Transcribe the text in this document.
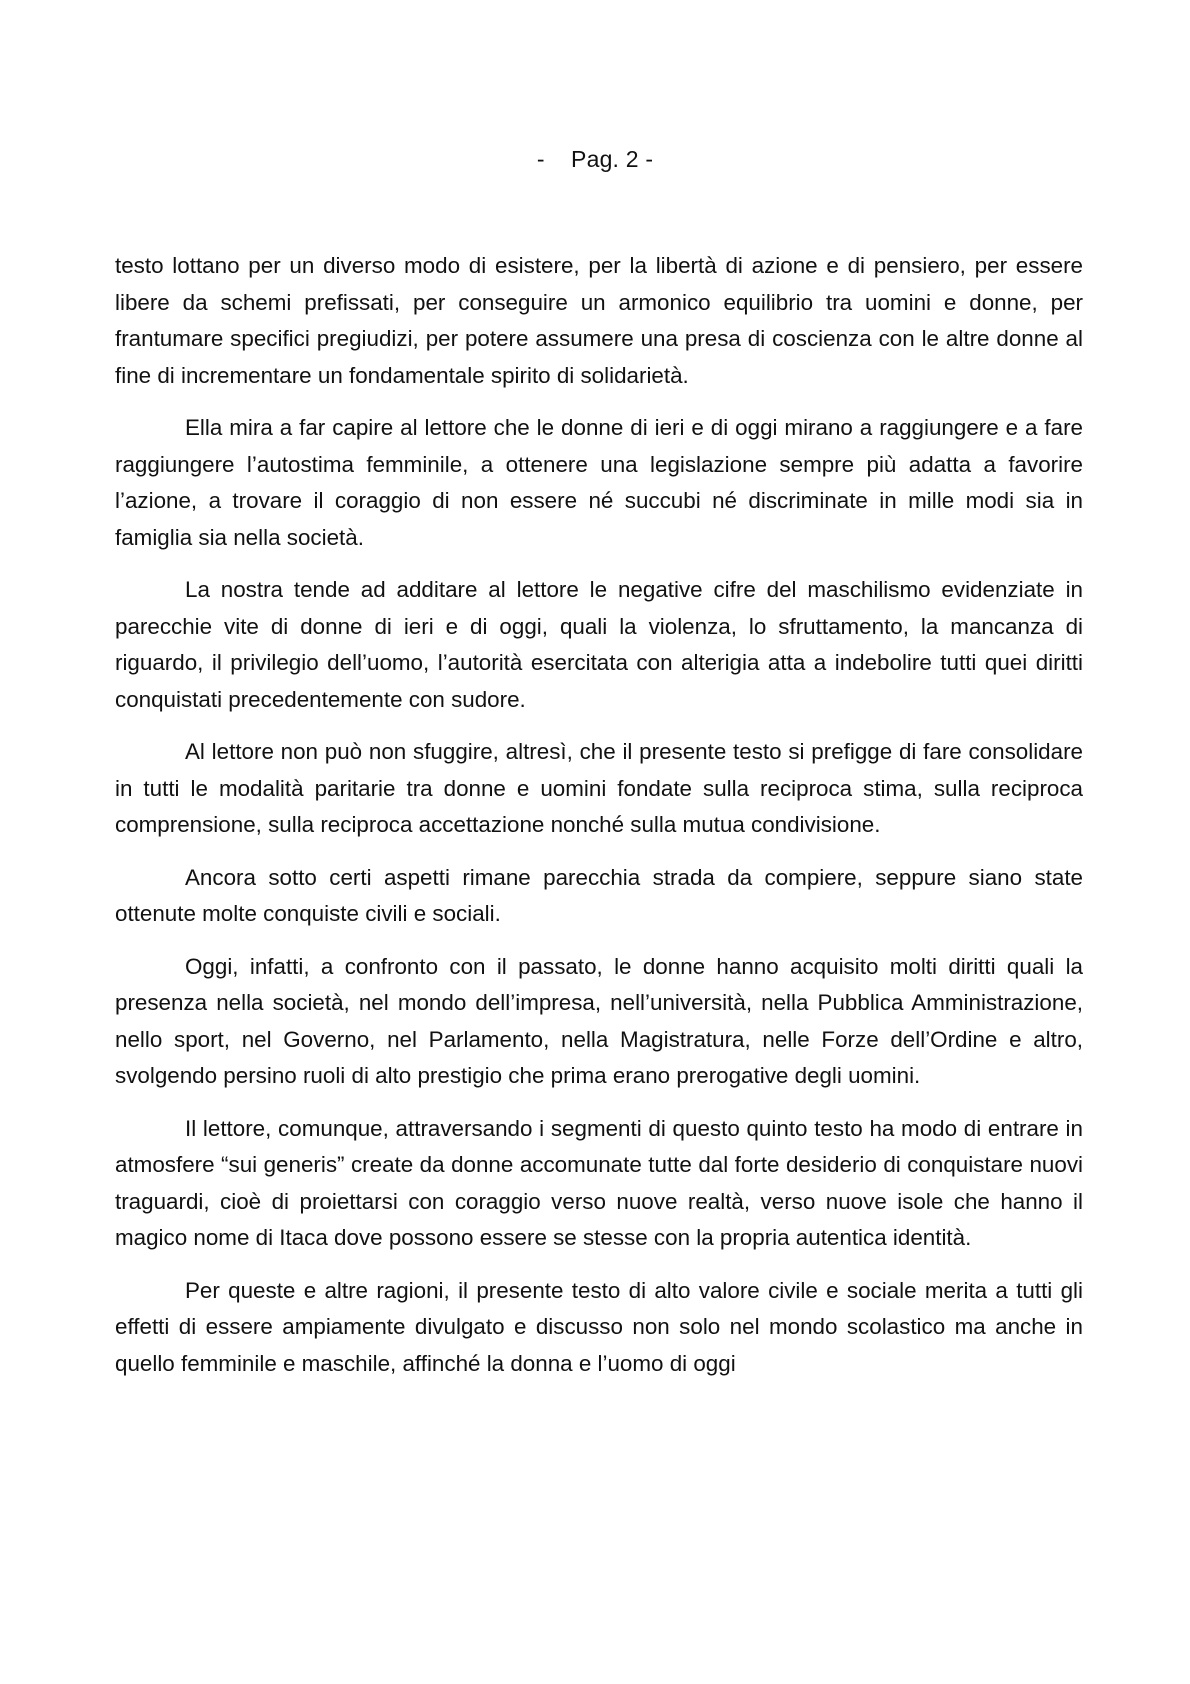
-    Pag. 2 -

testo lottano per un diverso modo di esistere, per la libertà di azione e di pensiero, per essere libere da schemi prefissati, per conseguire un armonico equilibrio tra uomini e donne, per frantumare specifici pregiudizi, per potere assumere una presa di coscienza con le altre donne al fine di incrementare un fondamentale spirito di solidarietà.

Ella mira a far capire al lettore che le donne di ieri e di oggi mirano a raggiungere e a fare raggiungere l’autostima femminile, a ottenere una legislazione sempre più adatta a favorire l’azione, a trovare il coraggio di non essere né succubi né discriminate in mille modi sia in famiglia sia nella società.

La nostra tende ad additare al lettore le negative cifre del maschilismo evidenziate in parecchie vite di donne di ieri e di oggi, quali la violenza, lo sfruttamento, la mancanza di riguardo, il privilegio dell’uomo, l’autorità esercitata con alterigia atta a indebolire tutti quei diritti conquistati precedentemente con sudore.

Al lettore non può non sfuggire, altresì, che il presente testo si prefigge di fare consolidare in tutti le modalità paritarie tra donne e uomini fondate sulla reciproca stima, sulla reciproca comprensione, sulla reciproca accettazione nonché sulla mutua condivisione.

Ancora sotto certi aspetti rimane parecchia strada da compiere, seppure siano state ottenute molte conquiste civili e sociali.

Oggi, infatti, a confronto con il passato, le donne hanno acquisito molti diritti quali la presenza nella società, nel mondo dell’impresa, nell’università, nella Pubblica Amministrazione, nello sport, nel Governo, nel Parlamento, nella Magistratura, nelle Forze dell’Ordine e altro, svolgendo persino ruoli di alto prestigio che prima erano prerogative degli uomini.

Il lettore, comunque, attraversando i segmenti di questo quinto testo ha modo di entrare in atmosfere “sui generis” create da donne accomunate tutte dal forte desiderio di conquistare nuovi traguardi, cioè di proiettarsi con coraggio verso nuove realtà, verso nuove isole che hanno il magico nome di Itaca dove possono essere se stesse con la propria autentica identità.

Per queste e altre ragioni, il presente testo di alto valore civile e sociale merita a tutti gli effetti di essere ampiamente divulgato e discusso non solo nel mondo scolastico ma anche in quello femminile e maschile, affinché la donna e l’uomo di oggi
